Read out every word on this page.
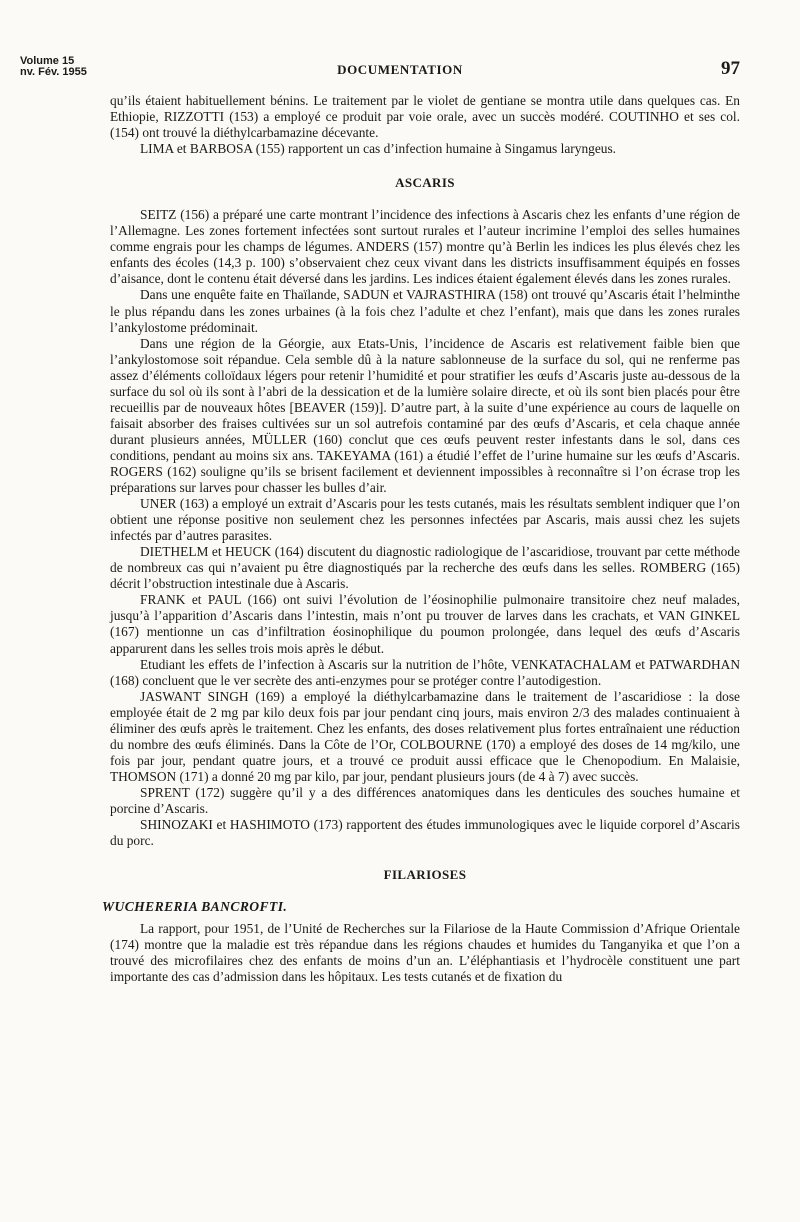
Volume 15
nv. Fév. 1955	DOCUMENTATION	97

qu’ils étaient habituellement bénins. Le traitement par le violet de gentiane se montra utile dans quelques cas. En Ethiopie, RIZZOTTI (153) a employé ce produit par voie orale, avec un succès modéré. COUTINHO et ses col. (154) ont trouvé la diéthylcarbamazine décevante.

LIMA et BARBOSA (155) rapportent un cas d’infection humaine à Singamus laryngeus.

ASCARIS

SEITZ (156) a préparé une carte montrant l’incidence des infections à Ascaris chez les enfants d’une région de l’Allemagne. Les zones fortement infectées sont surtout rurales et l’auteur incrimine l’emploi des selles humaines comme engrais pour les champs de légumes. ANDERS (157) montre qu’à Berlin les indices les plus élevés chez les enfants des écoles (14,3 p. 100) s’observaient chez ceux vivant dans les districts insuffisamment équipés en fosses d’aisance, dont le contenu était déversé dans les jardins. Les indices étaient également élevés dans les zones rurales.

Dans une enquête faite en Thaïlande, SADUN et VAJRASTHIRA (158) ont trouvé qu’Ascaris était l’helminthe le plus répandu dans les zones urbaines (à la fois chez l’adulte et chez l’enfant), mais que dans les zones rurales l’ankylostome prédominait.

Dans une région de la Géorgie, aux Etats-Unis, l’incidence de Ascaris est relativement faible bien que l’ankylostomose soit répandue. Cela semble dû à la nature sablonneuse de la surface du sol, qui ne renferme pas assez d’éléments colloïdaux légers pour retenir l’humidité et pour stratifier les œufs d’Ascaris juste au-dessous de la surface du sol où ils sont à l’abri de la dessication et de la lumière solaire directe, et où ils sont bien placés pour être recueillis par de nouveaux hôtes [BEAVER (159)]. D’autre part, à la suite d’une expérience au cours de laquelle on faisait absorber des fraises cultivées sur un sol autrefois contaminé par des œufs d’Ascaris, et cela chaque année durant plusieurs années, MÜLLER (160) conclut que ces œufs peuvent rester infestants dans le sol, dans ces conditions, pendant au moins six ans. TAKEYAMA (161) a étudié l’effet de l’urine humaine sur les œufs d’Ascaris. ROGERS (162) souligne qu’ils se brisent facilement et deviennent impossibles à reconnaître si l’on écrase trop les préparations sur larves pour chasser les bulles d’air.

UNER (163) a employé un extrait d’Ascaris pour les tests cutanés, mais les résultats semblent indiquer que l’on obtient une réponse positive non seulement chez les personnes infectées par Ascaris, mais aussi chez les sujets infectés par d’autres parasites.

DIETHELM et HEUCK (164) discutent du diagnostic radiologique de l’ascaridiose, trouvant par cette méthode de nombreux cas qui n’avaient pu être diagnostiqués par la recherche des œufs dans les selles. ROMBERG (165) décrit l’obstruction intestinale due à Ascaris.

FRANK et PAUL (166) ont suivi l’évolution de l’éosinophilie pulmonaire transitoire chez neuf malades, jusqu’à l’apparition d’Ascaris dans l’intestin, mais n’ont pu trouver de larves dans les crachats, et VAN GINKEL (167) mentionne un cas d’infiltration éosinophilique du poumon prolongée, dans lequel des œufs d’Ascaris apparurent dans les selles trois mois après le début.

Etudiant les effets de l’infection à Ascaris sur la nutrition de l’hôte, VENKATACHALAM et PATWARDHAN (168) concluent que le ver secrète des anti-enzymes pour se protéger contre l’autodigestion.

JASWANT SINGH (169) a employé la diéthylcarbamazine dans le traitement de l’ascaridiose : la dose employée était de 2 mg par kilo deux fois par jour pendant cinq jours, mais environ 2/3 des malades continuaient à éliminer des œufs après le traitement. Chez les enfants, des doses relativement plus fortes entraînaient une réduction du nombre des œufs éliminés. Dans la Côte de l’Or, COLBOURNE (170) a employé des doses de 14 mg/kilo, une fois par jour, pendant quatre jours, et a trouvé ce produit aussi efficace que le Chenopodium. En Malaisie, THOMSON (171) a donné 20 mg par kilo, par jour, pendant plusieurs jours (de 4 à 7) avec succès.

SPRENT (172) suggère qu’il y a des différences anatomiques dans les denticules des souches humaine et porcine d’Ascaris.

SHINOZAKI et HASHIMOTO (173) rapportent des études immunologiques avec le liquide corporel d’Ascaris du porc.

FILARIOSES
WUCHERERIA BANCROFTI.

La rapport, pour 1951, de l’Unité de Recherches sur la Filariose de la Haute Commission d’Afrique Orientale (174) montre que la maladie est très répandue dans les régions chaudes et humides du Tanganyika et que l’on a trouvé des microfilaires chez des enfants de moins d’un an. L’éléphantiasis et l’hydrocèle constituent une part importante des cas d’admission dans les hôpitaux. Les tests cutanés et de fixation du
